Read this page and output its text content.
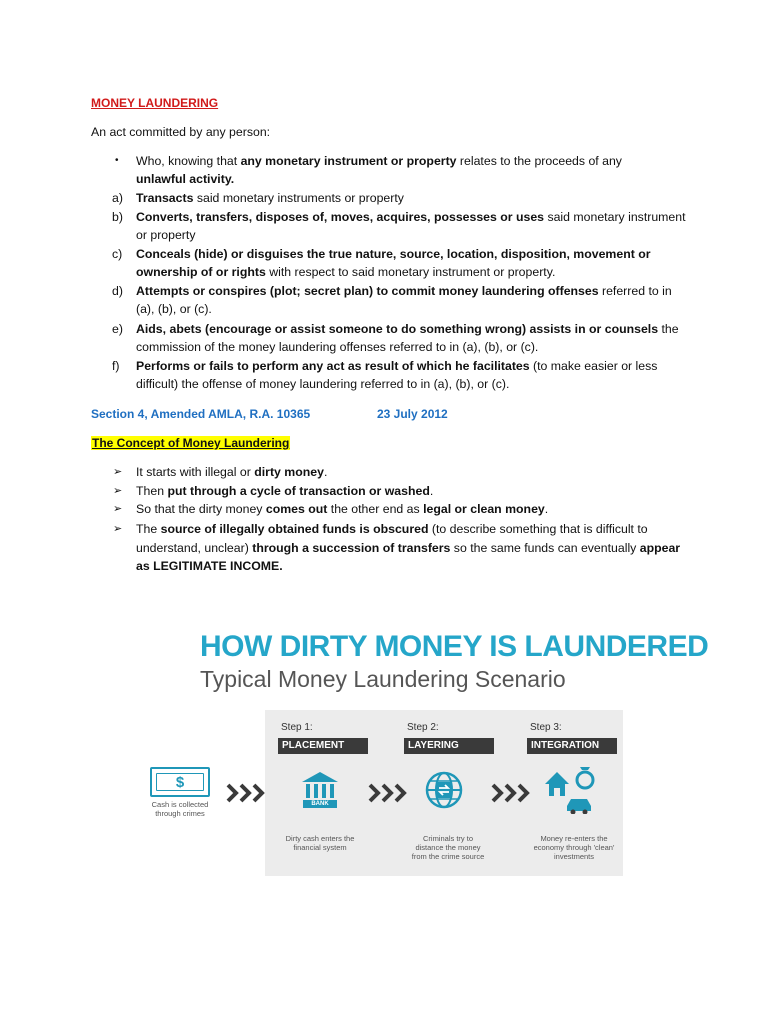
MONEY LAUNDERING
An act committed by any person:
• Who, knowing that any monetary instrument or property relates to the proceeds of any
unlawful activity.
a) Transacts said monetary instruments or property
b) Converts, transfers, disposes of, moves, acquires, possesses or uses said monetary instrument
or property
c) Conceals (hide) or disguises the true nature, source, location, disposition, movement or
ownership of or rights with respect to said monetary instrument or property.
d) Attempts or conspires (plot; secret plan) to commit money laundering offenses referred to in
(a), (b), or (c).
e) Aids, abets (encourage or assist someone to do something wrong) assists in or counsels the
commission of the money laundering offenses referred to in (a), (b), or (c).
f) Performs or fails to perform any act as result of which he facilitates (to make easier or less
difficult) the offense of money laundering referred to in (a), (b), or (c).
Section 4, Amended AMLA, R.A. 10365	23 July 2012
The Concept of Money Laundering
➢ It starts with illegal or dirty money.
➢ Then put through a cycle of transaction or washed.
➢ So that the dirty money comes out the other end as legal or clean money.
➢ The source of illegally obtained funds is obscured (to describe something that is difficult to
understand, unclear) through a succession of transfers so the same funds can eventually appear
as LEGITIMATE INCOME.
HOW DIRTY MONEY IS LAUNDERED
Typical Money Laundering Scenario
$
Cash is collected
through crimes
Step 1:
PLACEMENT
BANK
Dirty cash enters the
financial system
Step 2:
LAYERING
Criminals try to
distance the money
from the crime source
Step 3:
INTEGRATION
Money re-enters the
economy through 'clean'
investments
